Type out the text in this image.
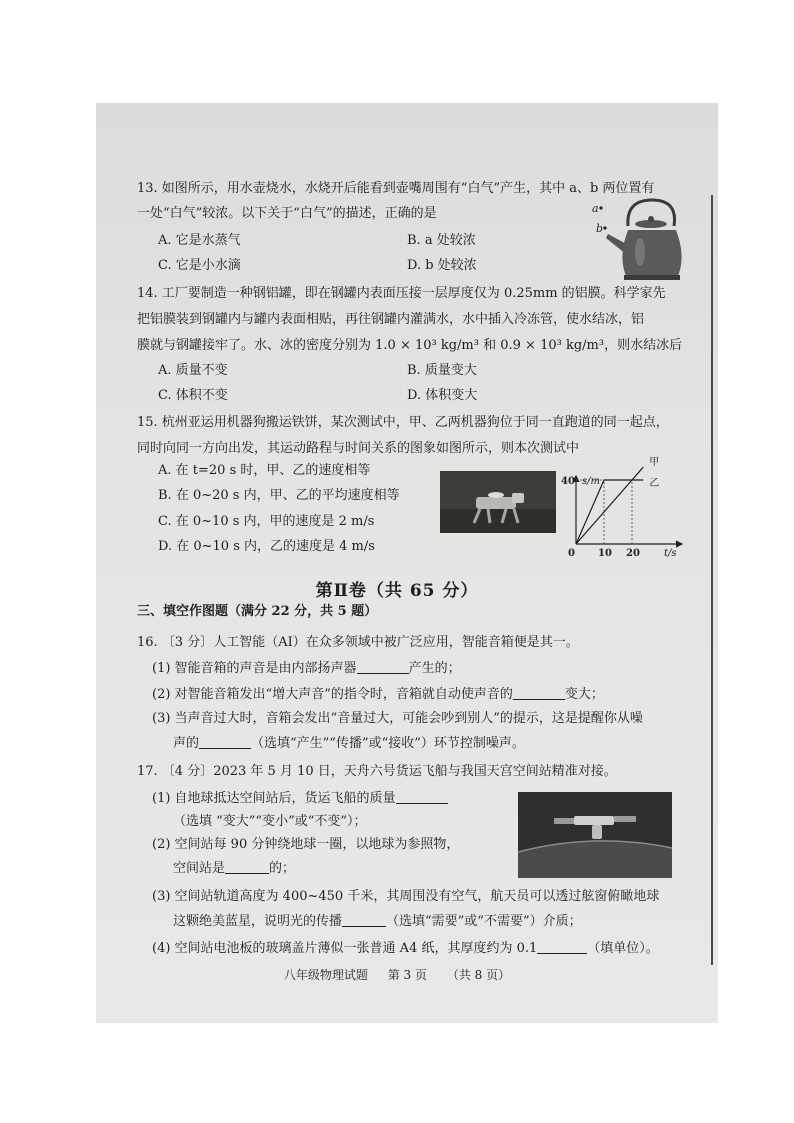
13. 如图所示，用水壶烧水，水烧开后能看到壶嘴周围有“白气”产生，其中 a、b 两位置有
一处“白气”较浓。以下关于“白气”的描述，正确的是
A. 它是水蒸气	B. a 处较浓
C. 它是小水滴	D. b 处较浓
a
b
14. 工厂要制造一种钢铝罐，即在钢罐内表面压接一层厚度仅为 0.25mm 的铝膜。科学家先
把铝膜装到钢罐内与罐内表面相贴，再往钢罐内灌满水，水中插入冷冻管，使水结冰，铝
膜就与钢罐接牢了。水、冰的密度分别为 1.0 × 10³ kg/m³ 和 0.9 × 10³ kg/m³，则水结冰后
A. 质量不变	B. 质量变大
C. 体积不变	D. 体积变大
15. 杭州亚运用机器狗搬运铁饼，某次测试中，甲、乙两机器狗位于同一直跑道的同一起点，
同时向同一方向出发，其运动路程与时间关系的图象如图所示，则本次测试中
A. 在 t=20 s 时，甲、乙的速度相等
B. 在 0~20 s 内，甲、乙的平均速度相等
C. 在 0~10 s 内，甲的速度是 2 m/s
D. 在 0~10 s 内，乙的速度是 4 m/s
s/m
t/s
0
40
10 20
甲
乙
第Ⅱ卷（共 65 分）
三、填空作图题（满分 22 分，共 5 题）
16. 〔3 分〕人工智能（AI）在众多领域中被广泛应用，智能音箱便是其一。
(1) 智能音箱的声音是由内部扬声器	产生的；
(2) 对智能音箱发出“增大声音”的指令时，音箱就自动使声音的	变大；
(3) 当声音过大时，音箱会发出“音量过大，可能会吵到别人”的提示，这是提醒你从噪
声的	（选填“产生”“传播”或“接收”）环节控制噪声。
17. 〔4 分〕2023 年 5 月 10 日，天舟六号货运飞船与我国天宫空间站精准对接。
(1) 自地球抵达空间站后，货运飞船的质量
（选填 “变大”“变小”或“不变”）；
(2) 空间站每 90 分钟绕地球一圈，以地球为参照物，
空间站是	的；
(3) 空间站轨道高度为 400~450 千米，其周围没有空气，航天员可以透过舷窗俯瞰地球
这颗绝美蓝星，说明光的传播	（选填“需要”或“不需要”）介质；
(4) 空间站电池板的玻璃盖片薄似一张普通 A4 纸，其厚度约为 0.1	（填单位）。
八年级物理试题 第 3 页 （共 8 页）
